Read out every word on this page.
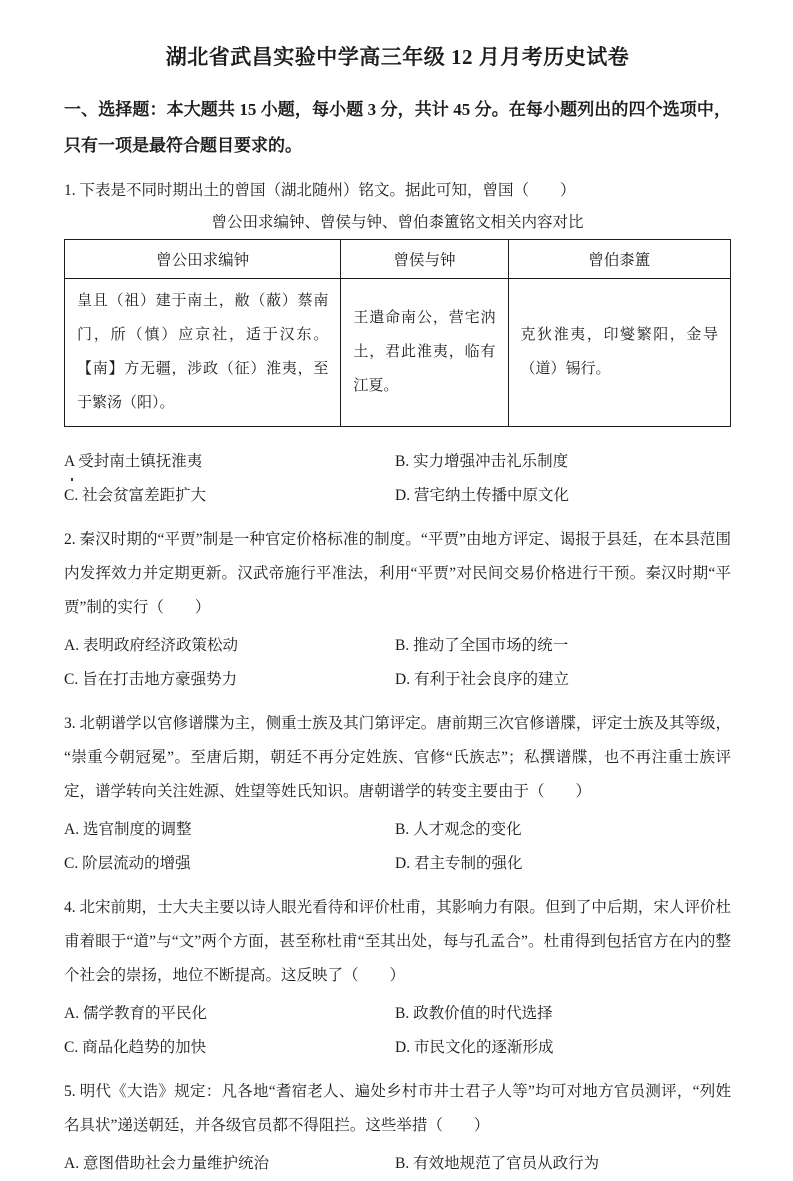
湖北省武昌实验中学高三年级 12 月月考历史试卷

一、选择题：本大题共 15 小题，每小题 3 分，共计 45 分。在每小题列出的四个选项中，只有一项是最符合题目要求的。

1. 下表是不同时期出土的曾国（湖北随州）铭文。据此可知，曾国（　　）

曾公田求编钟、曾侯与钟、曾伯桼簠铭文相关内容对比

曾公田求编钟	曾侯与钟	曾伯桼簠
皇且（祖）建于南土，敝（蔽）蔡南门，斦（慎）应京社，适于汉东。【南】方无疆，涉政（征）淮夷，至于繁汤（阳）。	王遣命南公，营宅汭土，君此淮夷，临有江夏。	克狄淮夷，印燮繁阳，金导（道）锡行。
A 受封南土镇抚淮夷	B. 实力增强冲击礼乐制度
C. 社会贫富差距扩大	D. 营宅纳土传播中原文化

2. 秦汉时期的“平贾”制是一种官定价格标准的制度。“平贾”由地方评定、谒报于县廷，在本县范围内发挥效力并定期更新。汉武帝施行平准法，利用“平贾”对民间交易价格进行干预。秦汉时期“平贾”制的实行（　　）

A. 表明政府经济政策松动	B. 推动了全国市场的统一
C. 旨在打击地方豪强势力	D. 有利于社会良序的建立

3. 北朝谱学以官修谱牒为主，侧重士族及其门第评定。唐前期三次官修谱牒，评定士族及其等级，“崇重今朝冠冕”。至唐后期，朝廷不再分定姓族、官修“氏族志”；私撰谱牒，也不再注重士族评定，谱学转向关注姓源、姓望等姓氏知识。唐朝谱学的转变主要由于（　　）

A. 选官制度的调整	B. 人才观念的变化
C. 阶层流动的增强	D. 君主专制的强化

4. 北宋前期，士大夫主要以诗人眼光看待和评价杜甫，其影响力有限。但到了中后期，宋人评价杜甫着眼于“道”与“文”两个方面，甚至称杜甫“至其出处，每与孔孟合”。杜甫得到包括官方在内的整个社会的崇扬，地位不断提高。这反映了（　　）

A. 儒学教育的平民化	B. 政教价值的时代选择
C. 商品化趋势的加快	D. 市民文化的逐渐形成

5. 明代《大诰》规定：凡各地“耆宿老人、遍处乡村市井士君子人等”均可对地方官员测评，“列姓名具状”递送朝廷，并各级官员都不得阻拦。这些举措（　　）

A. 意图借助社会力量维护统治	B. 有效地规范了官员从政行为
